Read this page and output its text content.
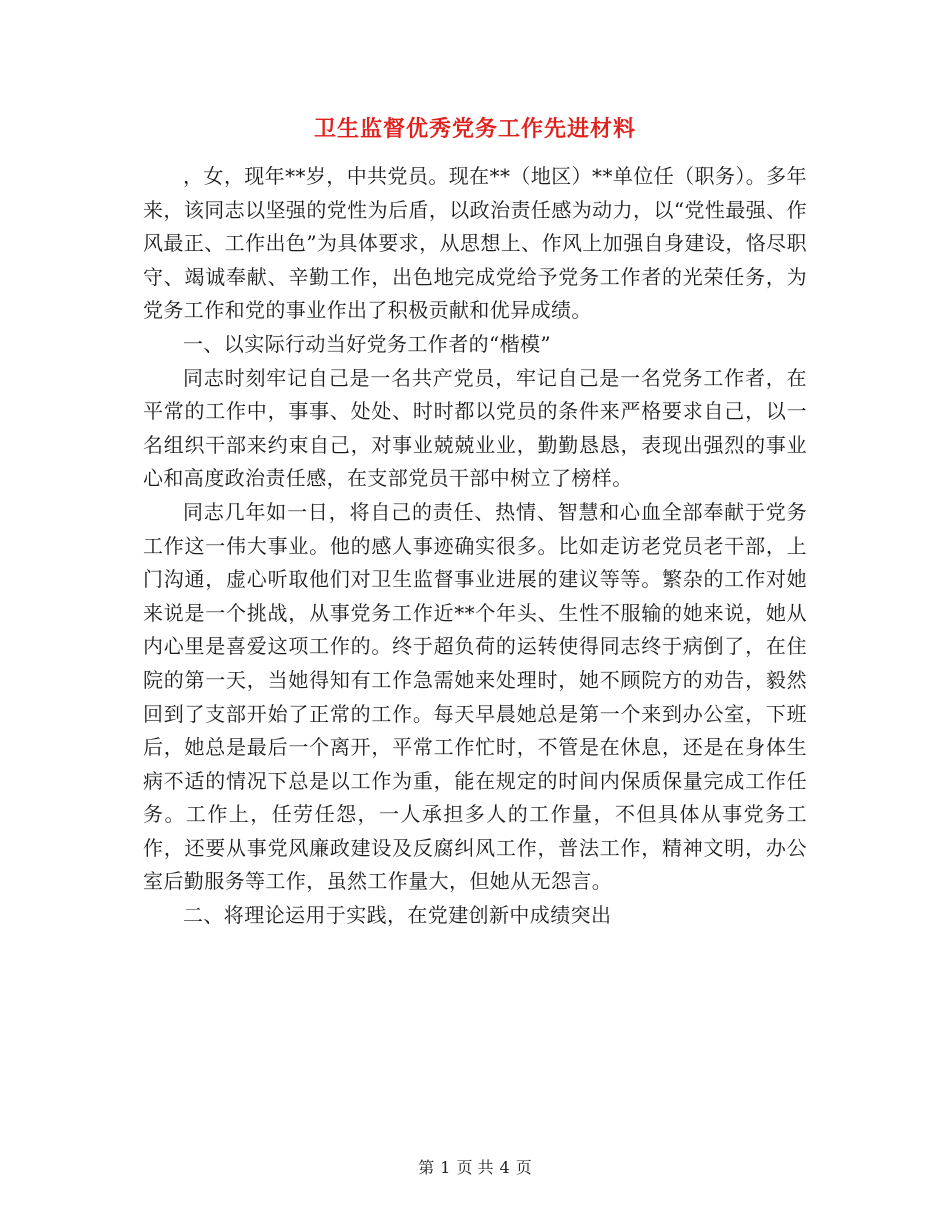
卫生监督优秀党务工作先进材料

，女，现年**岁，中共党员。现在**（地区）**单位任（职务）。多年来，该同志以坚强的党性为后盾，以政治责任感为动力，以“党性最强、作风最正、工作出色”为具体要求，从思想上、作风上加强自身建设，恪尽职守、竭诚奉献、辛勤工作，出色地完成党给予党务工作者的光荣任务，为党务工作和党的事业作出了积极贡献和优异成绩。

一、以实际行动当好党务工作者的“楷模”

同志时刻牢记自己是一名共产党员，牢记自己是一名党务工作者，在平常的工作中，事事、处处、时时都以党员的条件来严格要求自己，以一名组织干部来约束自己，对事业兢兢业业，勤勤恳恳，表现出强烈的事业心和高度政治责任感，在支部党员干部中树立了榜样。

同志几年如一日，将自己的责任、热情、智慧和心血全部奉献于党务工作这一伟大事业。他的感人事迹确实很多。比如走访老党员老干部，上门沟通，虚心听取他们对卫生监督事业进展的建议等等。繁杂的工作对她来说是一个挑战，从事党务工作近**个年头、生性不服输的她来说，她从内心里是喜爱这项工作的。终于超负荷的运转使得同志终于病倒了，在住院的第一天，当她得知有工作急需她来处理时，她不顾院方的劝告，毅然回到了支部开始了正常的工作。每天早晨她总是第一个来到办公室，下班后，她总是最后一个离开，平常工作忙时，不管是在休息，还是在身体生病不适的情况下总是以工作为重，能在规定的时间内保质保量完成工作任务。工作上，任劳任怨，一人承担多人的工作量，不但具体从事党务工作，还要从事党风廉政建设及反腐纠风工作，普法工作，精神文明，办公室后勤服务等工作，虽然工作量大，但她从无怨言。

二、将理论运用于实践，在党建创新中成绩突出

第 1 页 共 4 页
